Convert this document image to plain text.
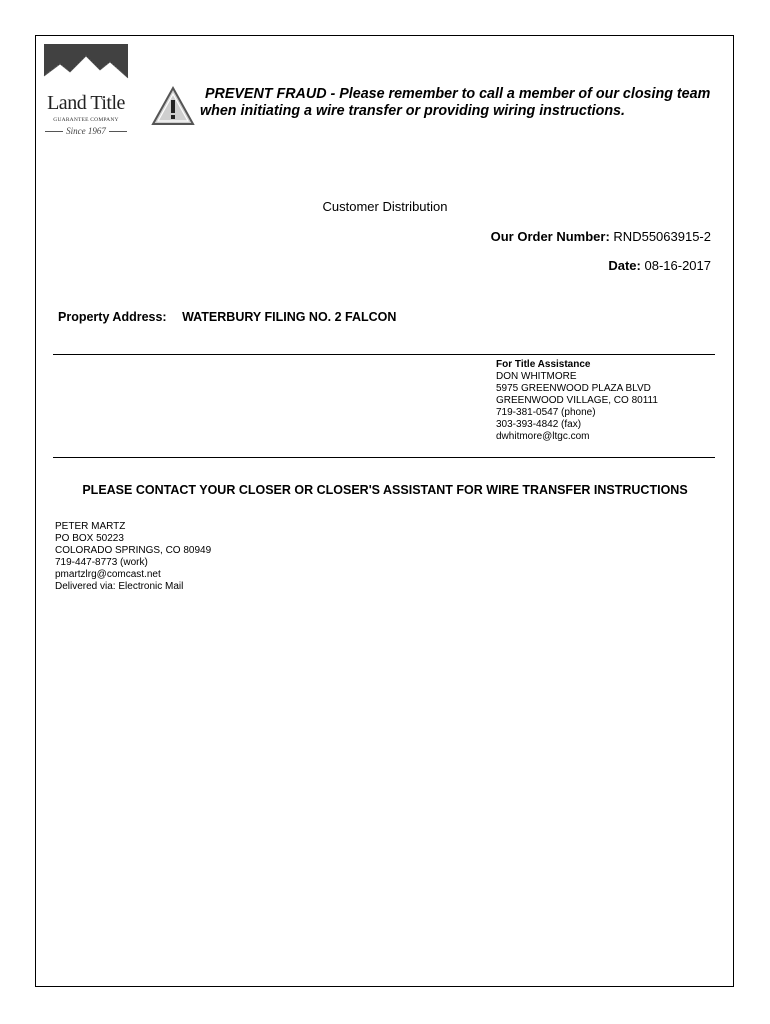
Land Title
GUARANTEE COMPANY
Since 1967
PREVENT FRAUD - Please remember to call a member of our closing team
when initiating a wire transfer or providing wiring instructions.
Customer Distribution
Our Order Number: RND55063915-2
Date: 08-16-2017
Property Address: WATERBURY FILING NO. 2 FALCON
For Title Assistance
DON WHITMORE
5975 GREENWOOD PLAZA BLVD
GREENWOOD VILLAGE, CO 80111
719-381-0547 (phone)
303-393-4842 (fax)
dwhitmore@ltgc.com
PLEASE CONTACT YOUR CLOSER OR CLOSER'S ASSISTANT FOR WIRE TRANSFER INSTRUCTIONS
PETER MARTZ
PO BOX 50223
COLORADO SPRINGS, CO 80949
719-447-8773 (work)
pmartzlrg@comcast.net
Delivered via: Electronic Mail
